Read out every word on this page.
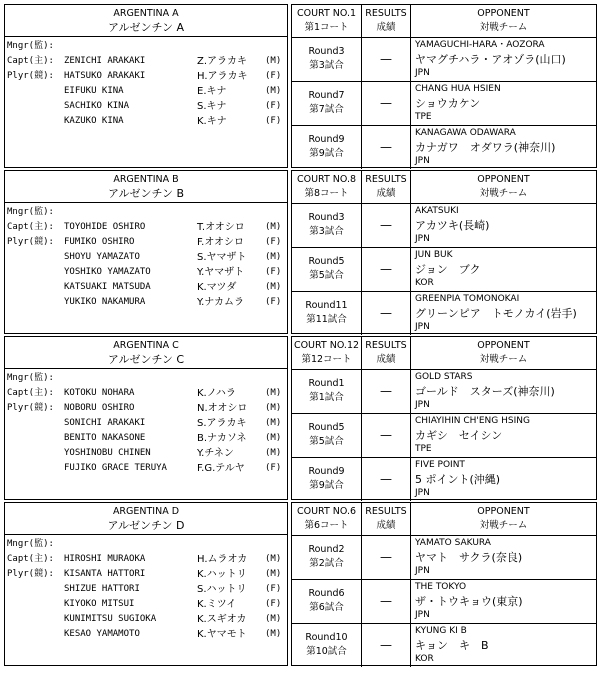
ARGENTINA A
アルゼンチン A
Mngr(監):
Capt(主): ZENICHI ARAKAKI	Z.アラカキ (M)
Plyr(競): HATSUKO ARAKAKI	H.アラカキ (F)
EIFUKU KINA	E.キナ	(M)
SACHIKO KINA	S.キナ	(F)
KAZUKO KINA	K.キナ	(F)
COURT NO.1
第1コート
RESULTS
成績
OPPONENT
対戦チーム
Round3
第3試合	—
YAMAGUCHI-HARA・AOZORA
ヤマグチハラ・アオゾラ(山口)
JPN
Round7
第7試合	—
CHANG HUA HSIEN
ショウカケン
TPE
Round9
第9試合	—
KANAGAWA ODAWARA
カナガワ　オダワラ(神奈川)
JPN
ARGENTINA B
アルゼンチン B
Mngr(監):
Capt(主): TOYOHIDE OSHIRO	T.オオシロ (M)
Plyr(競): FUMIKO OSHIRO	F.オオシロ (F)
SHOYU YAMAZATO	S.ヤマザト (M)
YOSHIKO YAMAZATO	Y.ヤマザト (F)
KATSUAKI MATSUDA	K.マツダ	(M)
YUKIKO NAKAMURA	Y.ナカムラ (F)
COURT NO.8
第8コート
RESULTS
成績
OPPONENT
対戦チーム
Round3
第3試合	—
AKATSUKI
アカツキ(長崎)
JPN
Round5
第5試合	—
JUN BUK
ジョン　ブク
KOR
Round11
第11試合	—
GREENPIA TOMONOKAI
グリーンピア　トモノカイ(岩手)
JPN
ARGENTINA C
アルゼンチン C
Mngr(監):
Capt(主): KOTOKU NOHARA	K.ノハラ	(M)
Plyr(競): NOBORU OSHIRO	N.オオシロ (M)
SONICHI ARAKAKI	S.アラカキ (M)
BENITO NAKASONE	B.ナカソネ (M)
YOSHINOBU CHINEN	Y.チネン	(M)
FUJIKO GRACE TERUYA	F.G.テルヤ (F)
COURT NO.12
第12コート
RESULTS
成績
OPPONENT
対戦チーム
Round1
第1試合	—
GOLD STARS
ゴールド　スターズ(神奈川)
JPN
Round5
第5試合	—
CHIAYIHIN CH'ENG HSING
カギシ　セイシン
TPE
Round9
第9試合	—
FIVE POINT
5 ポイント(沖縄)
JPN
ARGENTINA D
アルゼンチン D
Mngr(監):
Capt(主): HIROSHI MURAOKA	H.ムラオカ (M)
Plyr(競): KISANTA HATTORI	K.ハットリ (M)
SHIZUE HATTORI	S.ハットリ (F)
KIYOKO MITSUI	K.ミツイ	(F)
KUNIMITSU SUGIOKA	K.スギオカ (M)
KESAO YAMAMOTO	K.ヤマモト (M)
COURT NO.6
第6コート
RESULTS
成績
OPPONENT
対戦チーム
Round2
第2試合	—
YAMATO SAKURA
ヤマト　サクラ(奈良)
JPN
Round6
第6試合	—
THE TOKYO
ザ・トウキョウ(東京)
JPN
Round10
第10試合	—
KYUNG KI B
キョン　キ　B
KOR
